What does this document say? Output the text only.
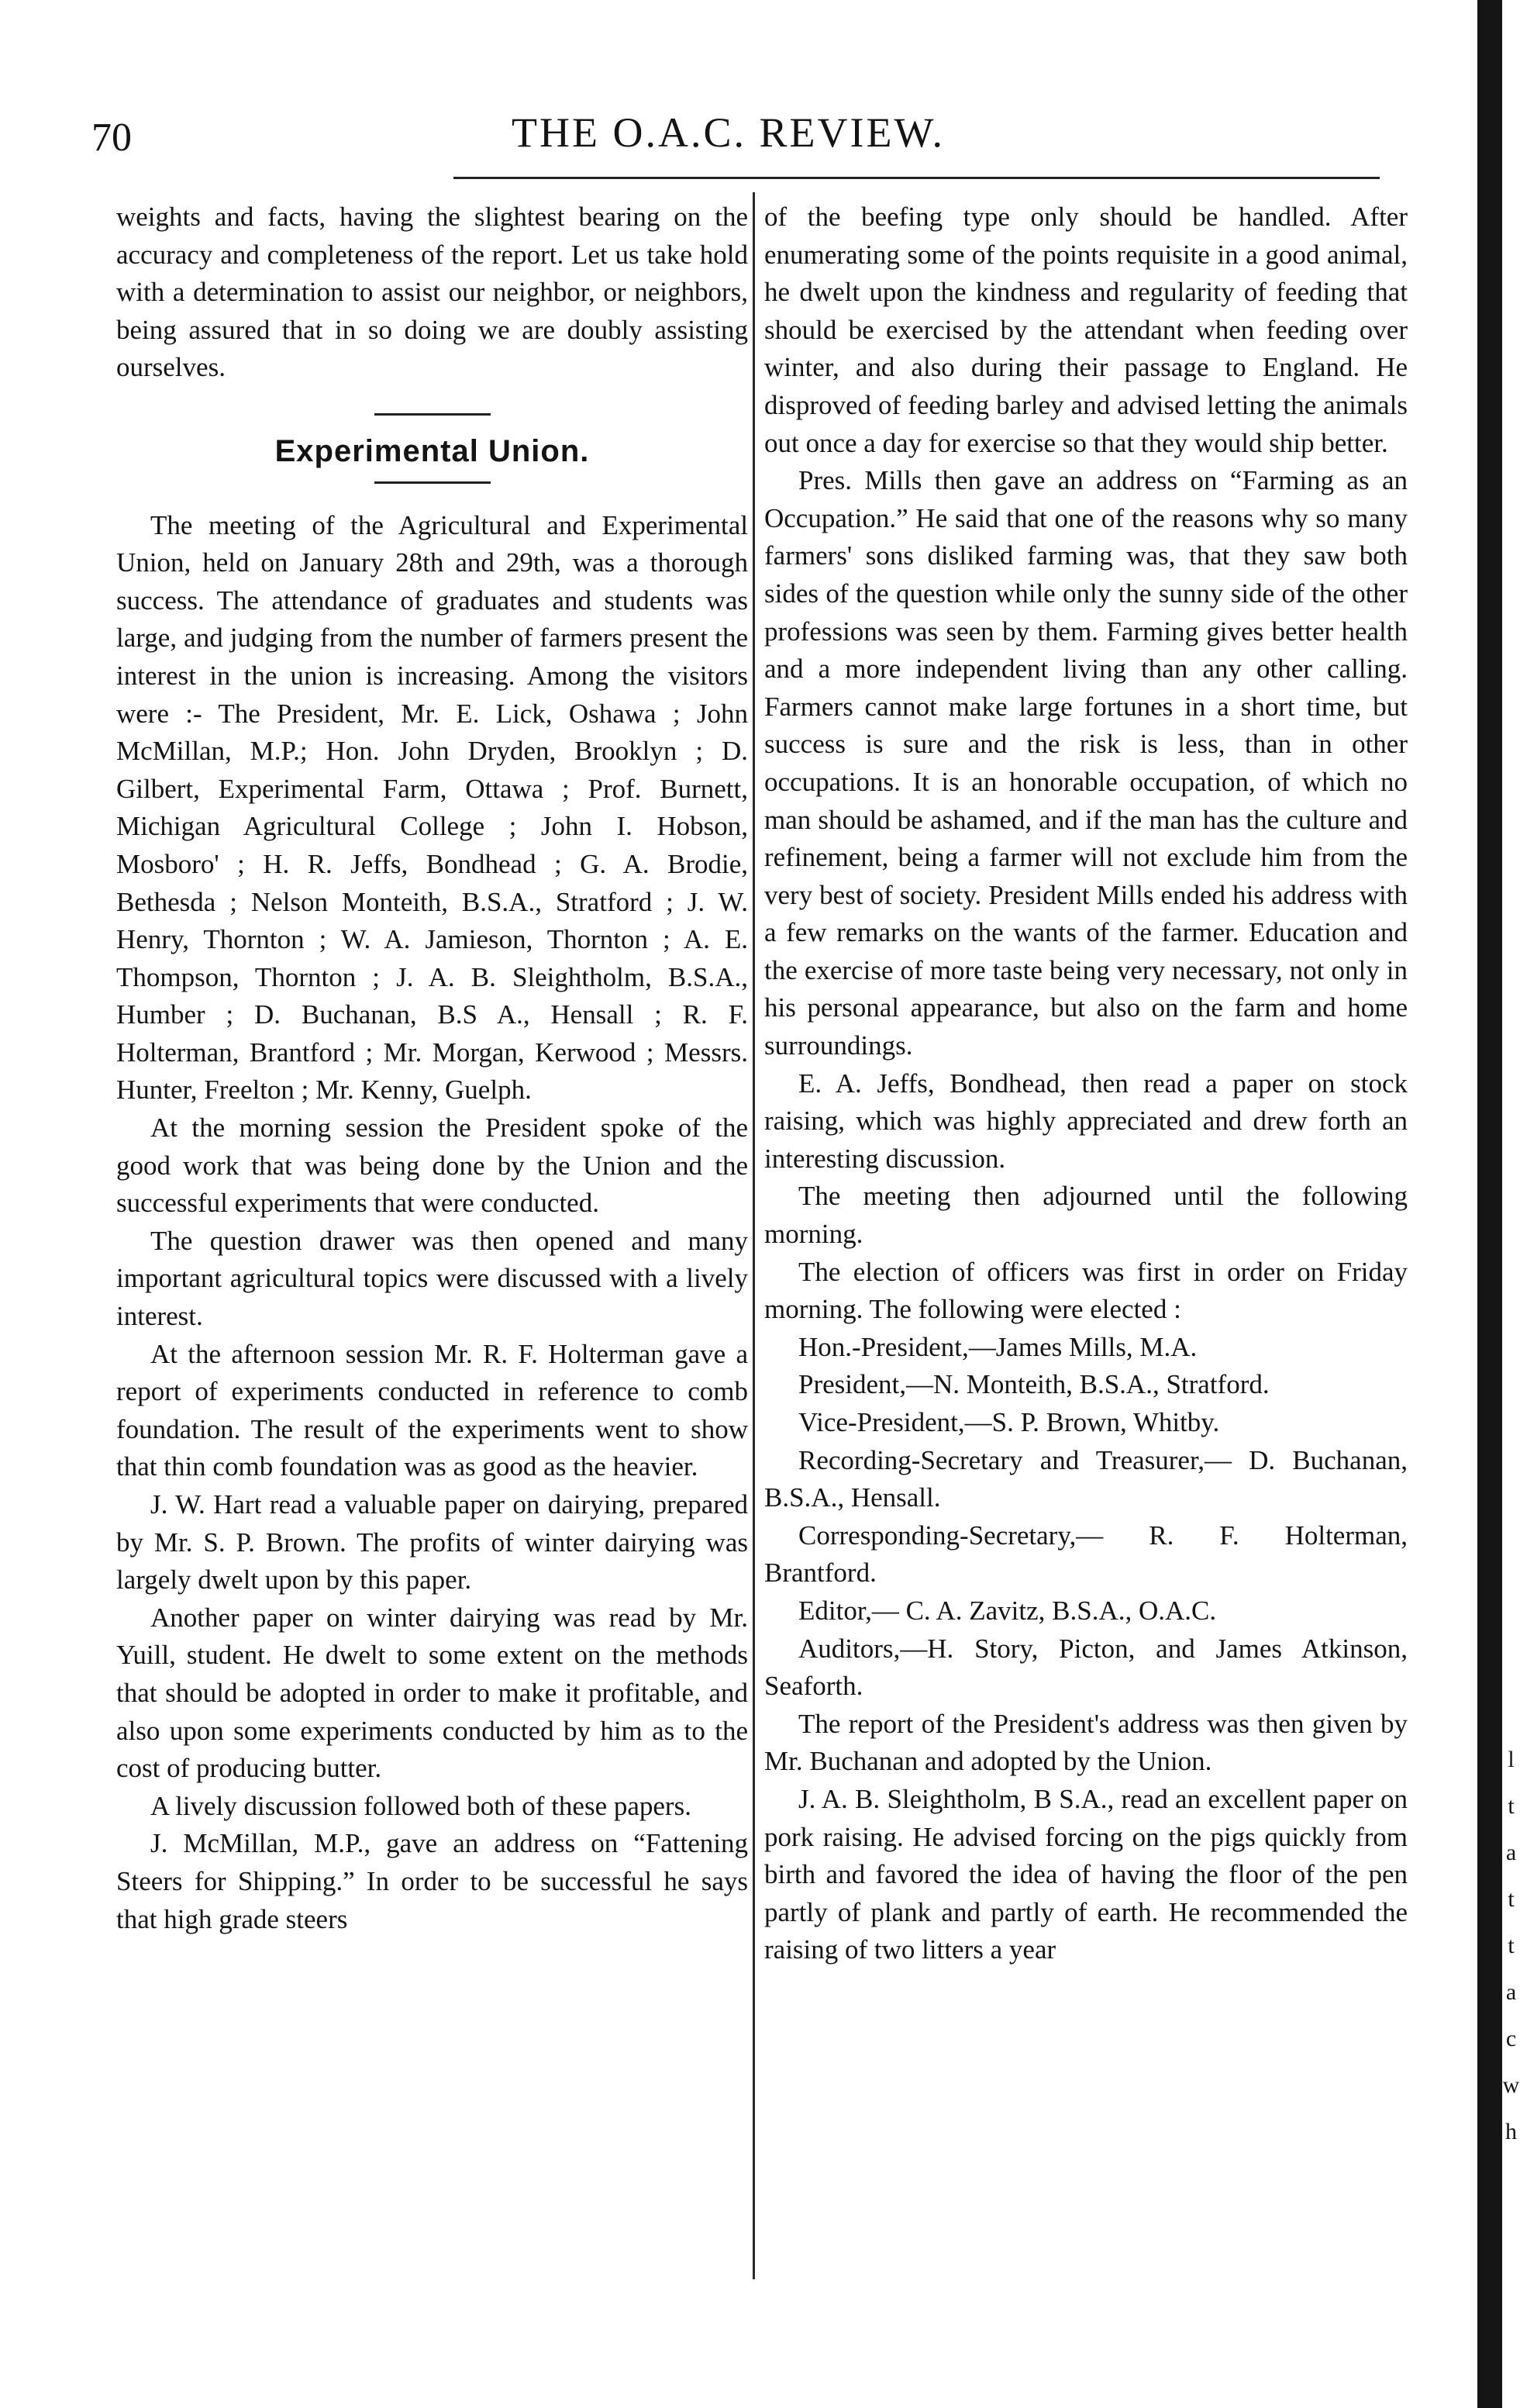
70	THE O.A.C. REVIEW.
l
t
a
t
t
a
c
w
h

weights and facts, having the slightest bearing on the accuracy and completeness of the report. Let us take hold with a determination to assist our neighbor, or neighbors, being assured that in so doing we are doubly assisting ourselves.

Experimental Union.

The meeting of the Agricultural and Experimental Union, held on January 28th and 29th, was a thorough success. The attendance of graduates and students was large, and judging from the number of farmers present the interest in the union is increasing. Among the visitors were :- The President, Mr. E. Lick, Oshawa ; John McMillan, M.P.; Hon. John Dryden, Brooklyn ; D. Gilbert, Experimental Farm, Ottawa ; Prof. Burnett, Michigan Agricultural College ; John I. Hobson, Mosboro' ; H. R. Jeffs, Bondhead ; G. A. Brodie, Bethesda ; Nelson Monteith, B.S.A., Stratford ; J. W. Henry, Thornton ; W. A. Jamieson, Thornton ; A. E. Thompson, Thornton ; J. A. B. Sleightholm, B.S.A., Humber ; D. Buchanan, B.S A., Hensall ; R. F. Holterman, Brantford ; Mr. Morgan, Kerwood ; Messrs. Hunter, Freelton ; Mr. Kenny, Guelph.

At the morning session the President spoke of the good work that was being done by the Union and the successful experiments that were conducted.

The question drawer was then opened and many important agricultural topics were discussed with a lively interest.

At the afternoon session Mr. R. F. Holterman gave a report of experiments conducted in reference to comb foundation. The result of the experiments went to show that thin comb foundation was as good as the heavier.

J. W. Hart read a valuable paper on dairying, prepared by Mr. S. P. Brown. The profits of winter dairying was largely dwelt upon by this paper.

Another paper on winter dairying was read by Mr. Yuill, student. He dwelt to some extent on the methods that should be adopted in order to make it profitable, and also upon some experiments conducted by him as to the cost of producing butter.

A lively discussion followed both of these papers.

J. McMillan, M.P., gave an address on “Fattening Steers for Shipping.” In order to be successful he says that high grade steers

of the beefing type only should be handled. After enumerating some of the points requisite in a good animal, he dwelt upon the kindness and regularity of feeding that should be exercised by the attendant when feeding over winter, and also during their passage to England. He disproved of feeding barley and advised letting the animals out once a day for exercise so that they would ship better.

Pres. Mills then gave an address on “Farming as an Occupation.” He said that one of the reasons why so many farmers' sons disliked farming was, that they saw both sides of the question while only the sunny side of the other professions was seen by them. Farming gives better health and a more independent living than any other calling. Farmers cannot make large fortunes in a short time, but success is sure and the risk is less, than in other occupations. It is an honorable occupation, of which no man should be ashamed, and if the man has the culture and refinement, being a farmer will not exclude him from the very best of society. President Mills ended his address with a few remarks on the wants of the farmer. Education and the exercise of more taste being very necessary, not only in his personal appearance, but also on the farm and home surroundings.

E. A. Jeffs, Bondhead, then read a paper on stock raising, which was highly appreciated and drew forth an interesting discussion.

The meeting then adjourned until the following morning.

The election of officers was first in order on Friday morning. The following were elected :

Hon.-President,—James Mills, M.A.

President,—N. Monteith, B.S.A., Stratford.

Vice-President,—S. P. Brown, Whitby.

Recording-Secretary and Treasurer,— D. Buchanan, B.S.A., Hensall.

Corresponding-Secretary,— R. F. Holterman, Brantford.

Editor,— C. A. Zavitz, B.S.A., O.A.C.

Auditors,—H. Story, Picton, and James Atkinson, Seaforth.

The report of the President's address was then given by Mr. Buchanan and adopted by the Union.

J. A. B. Sleightholm, B S.A., read an excellent paper on pork raising. He advised forcing on the pigs quickly from birth and favored the idea of having the floor of the pen partly of plank and partly of earth. He recommended the raising of two litters a year
